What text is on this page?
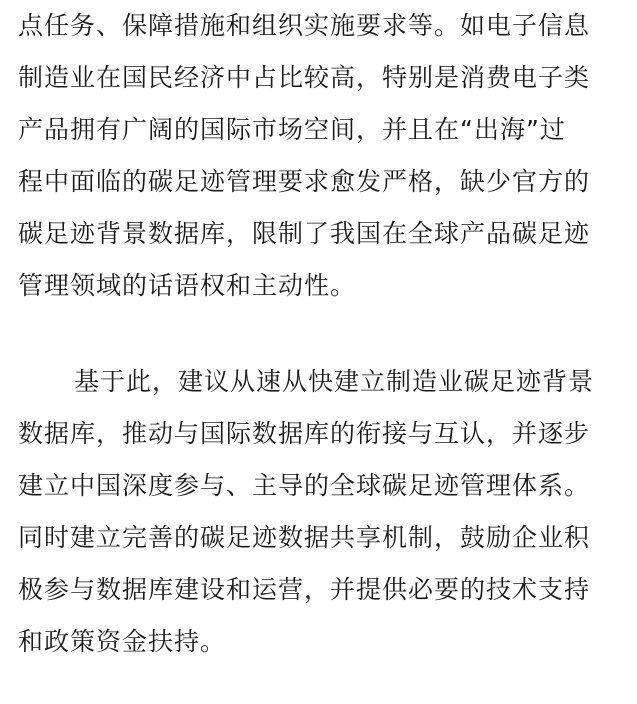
点任务、保障措施和组织实施要求等。如电子信息
制造业在国民经济中占比较高，特别是消费电子类
产品拥有广阔的国际市场空间，并且在“出海”过
程中面临的碳足迹管理要求愈发严格，缺少官方的
碳足迹背景数据库，限制了我国在全球产品碳足迹
管理领域的话语权和主动性。
基于此，建议从速从快建立制造业碳足迹背景
数据库，推动与国际数据库的衔接与互认，并逐步
建立中国深度参与、主导的全球碳足迹管理体系。
同时建立完善的碳足迹数据共享机制，鼓励企业积
极参与数据库建设和运营，并提供必要的技术支持
和政策资金扶持。
